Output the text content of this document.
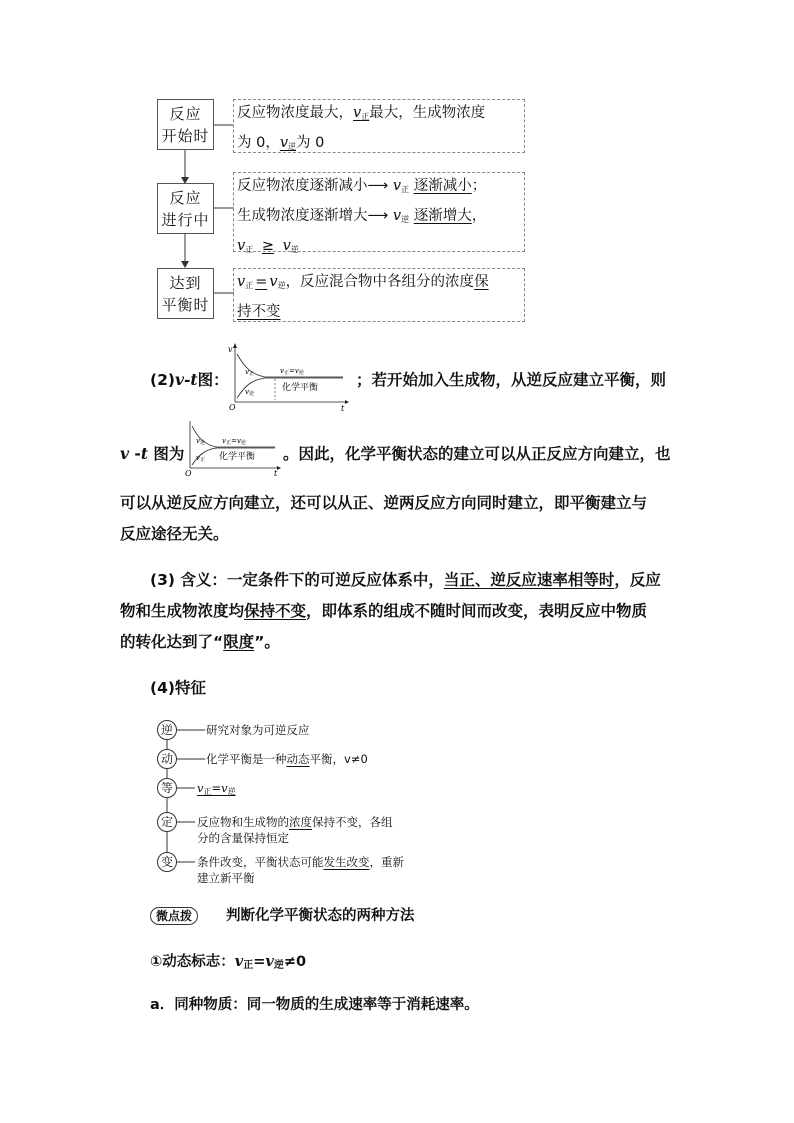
反应
开始时
反应
进行中
达到
平衡时
反应物浓度最大，$v_正$最大，生成物浓度
为 0，$v_逆$为 0
反应物浓度逐渐减小⟶ $v_正$ 逐渐减小；
生成物浓度逐渐增大⟶ $v_逆$ 逐渐增大，
$v_正 \ge v_逆$
$v_正 = v_逆$，反应混合物中各组分的浓度保
持不变
(2)v-t图：
v
t
O
v正
v逆
v正=v逆
化学平衡 ；若开始加入生成物，从逆反应建立平衡，则
v -t 图为
O	t
v逆
v正
v正=v逆
化学平衡 。因此，化学平衡状态的建立可以从正反应方向建立，也
可以从逆反应方向建立，还可以从正、逆两反应方向同时建立，即平衡建立与
反应途径无关。
(3) 含义：一定条件下的可逆反应体系中，当正、逆反应速率相等时，反应
物和生成物浓度均保持不变，即体系的组成不随时间而改变，表明反应中物质
的转化达到了“限度”。
(4)特征
逆
动
等
定
变
研究对象为可逆反应
化学平衡是一种动态平衡，v≠0
$v_正=v_逆$
反应物和生成物的浓度保持不变，各组
分的含量保持恒定
条件改变，平衡状态可能发生改变，重新
建立新平衡
微点拨	判断化学平衡状态的两种方法
①动态标志：$v_正=v_逆\ne 0$
a．同种物质：同一物质的生成速率等于消耗速率。
